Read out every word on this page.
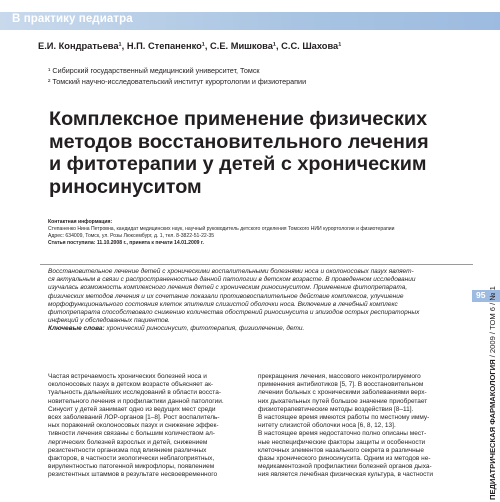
В практику педиатра
Е.И. Кондратьева¹, Н.П. Степаненко¹, С.Е. Мишкова¹, С.С. Шахова¹
¹ Сибирский государственный медицинский университет, Томск
² Томский научно-исследовательский институт курортологии и физиотерапии
Комплексное применение физических
методов восстановительного лечения
и фитотерапии у детей с хроническим
риносинуситом
Контактная информация:
Степаненко Нина Петровна, кандидат медицинских наук, научный руководитель детского отделения Томского НИИ курортологии и физиотерапии
Адрес: 634009, Томск, ул. Розы Люксембург, д. 1, тел. 8-3822-51-22-35
Статья поступила: 11.10.2008 г., принята к печати 14.01.2009 г.
Восстановительное лечение детей с хроническими воспалительными болезнями носа и околоносовых пазух являет-
ся актуальным в связи с распространенностью данной патологии в детском возрасте. В проведенном исследовании
изучалась возможность комплексного лечения детей с хроническим риносинуситом. Применение фитопрепарата,
физических методов лечения и их сочетание показали противовоспалительное действие комплексов, улучшение
морфофункционального состояния клеток эпителия слизистой оболочки носа. Включение в лечебный комплекс
фитопрепарата способствовало снижению количества обострений риносинусита и эпизодов острых респираторных
инфекций у обследованных пациентов.
Ключевые слова: хронический риносинусит, фитотерапия, физиолечение, дети.
95
ПЕДИАТРИЧЕСКАЯ ФАРМАКОЛОГИЯ / 2009 / ТОМ 6 / № 1
Частая встречаемость хронических болезней носа и
околоносовых пазух в детском возрасте объясняет ак-
туальность дальнейших исследований в области восста-
новительного лечения и профилактики данной патологии.
Синусит у детей занимает одно из ведущих мест среди
всех заболеваний ЛОР-органов [1–8]. Рост воспалитель-
ных поражений околоносовых пазух и снижение эффек-
тивности лечения связаны с большим количеством ал-
лергических болезней взрослых и детей, снижением
резистентности организма под влиянием различных
факторов, в частности экологически неблагоприятных,
вирулентностью патогенной микрофлоры, появлением
резистентных штаммов в результате несвоевременного
прекращения лечения, массового неконтролируемого
применения антибиотиков [5, 7]. В восстановительном
лечении больных с хроническими заболеваниями верх-
них дыхательных путей большое значение приобретает
физиотерапевтические методы воздействия [8–11].
В настоящее время имеются работы по местному имму-
нитету слизистой оболочки носа [6, 8, 12, 13].
В настоящее время недостаточно полно описаны мест-
ные неспецифические факторы защиты и особенности
клеточных элементов назального секрета в различные
фазы хронического риносинусита. Одним из методов не-
медикаментозной профилактики болезней органов дыха-
ния является лечебная физическая культура, в частности
